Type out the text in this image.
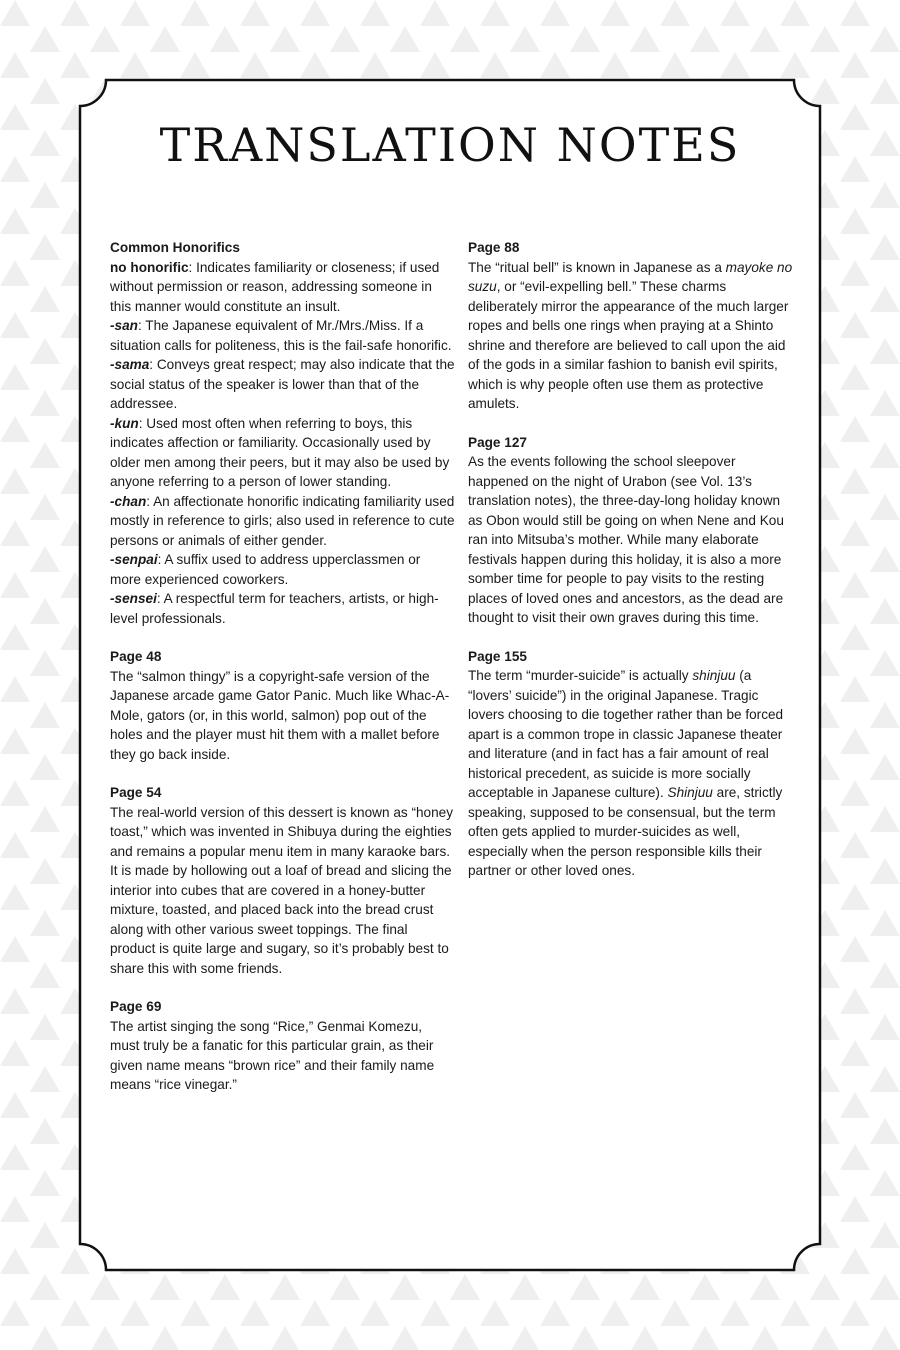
TRANSLATION NOTES
Common Honorifics

no honorific: Indicates familiarity or closeness; if used without permission or reason, addressing someone in this manner would constitute an insult.

-san: The Japanese equivalent of Mr./Mrs./Miss. If a situation calls for politeness, this is the fail-safe honorific.

-sama: Conveys great respect; may also indicate that the social status of the speaker is lower than that of the addressee.

-kun: Used most often when referring to boys, this indicates affection or familiarity. Occasionally used by older men among their peers, but it may also be used by anyone referring to a person of lower standing.

-chan: An affectionate honorific indicating familiarity used mostly in reference to girls; also used in reference to cute persons or animals of either gender.

-senpai: A suffix used to address upperclassmen or more experienced coworkers.

-sensei: A respectful term for teachers, artists, or high-level professionals.

Page 48

The “salmon thingy” is a copyright-safe version of the Japanese arcade game Gator Panic. Much like Whac-A-Mole, gators (or, in this world, salmon) pop out of the holes and the player must hit them with a mallet before they go back inside.

Page 54

The real-world version of this dessert is known as “honey toast,” which was invented in Shibuya during the eighties and remains a popular menu item in many karaoke bars. It is made by hollowing out a loaf of bread and slicing the interior into cubes that are covered in a honey-butter mixture, toasted, and placed back into the bread crust along with other various sweet toppings. The final product is quite large and sugary, so it’s probably best to share this with some friends.

Page 69

The artist singing the song “Rice,” Genmai Komezu, must truly be a fanatic for this particular grain, as their given name means “brown rice” and their family name means “rice vinegar.”

Page 88

The “ritual bell” is known in Japanese as a mayoke no suzu, or “evil-expelling bell.” These charms deliberately mirror the appearance of the much larger ropes and bells one rings when praying at a Shinto shrine and therefore are believed to call upon the aid of the gods in a similar fashion to banish evil spirits, which is why people often use them as protective amulets.

Page 127

As the events following the school sleepover happened on the night of Urabon (see Vol. 13’s translation notes), the three-day-long holiday known as Obon would still be going on when Nene and Kou ran into Mitsuba’s mother. While many elaborate festivals happen during this holiday, it is also a more somber time for people to pay visits to the resting places of loved ones and ancestors, as the dead are thought to visit their own graves during this time.

Page 155

The term “murder-suicide” is actually shinjuu (a “lovers’ suicide”) in the original Japanese. Tragic lovers choosing to die together rather than be forced apart is a common trope in classic Japanese theater and literature (and in fact has a fair amount of real historical precedent, as suicide is more socially acceptable in Japanese culture). Shinjuu are, strictly speaking, supposed to be consensual, but the term often gets applied to murder-suicides as well, especially when the person responsible kills their partner or other loved ones.
